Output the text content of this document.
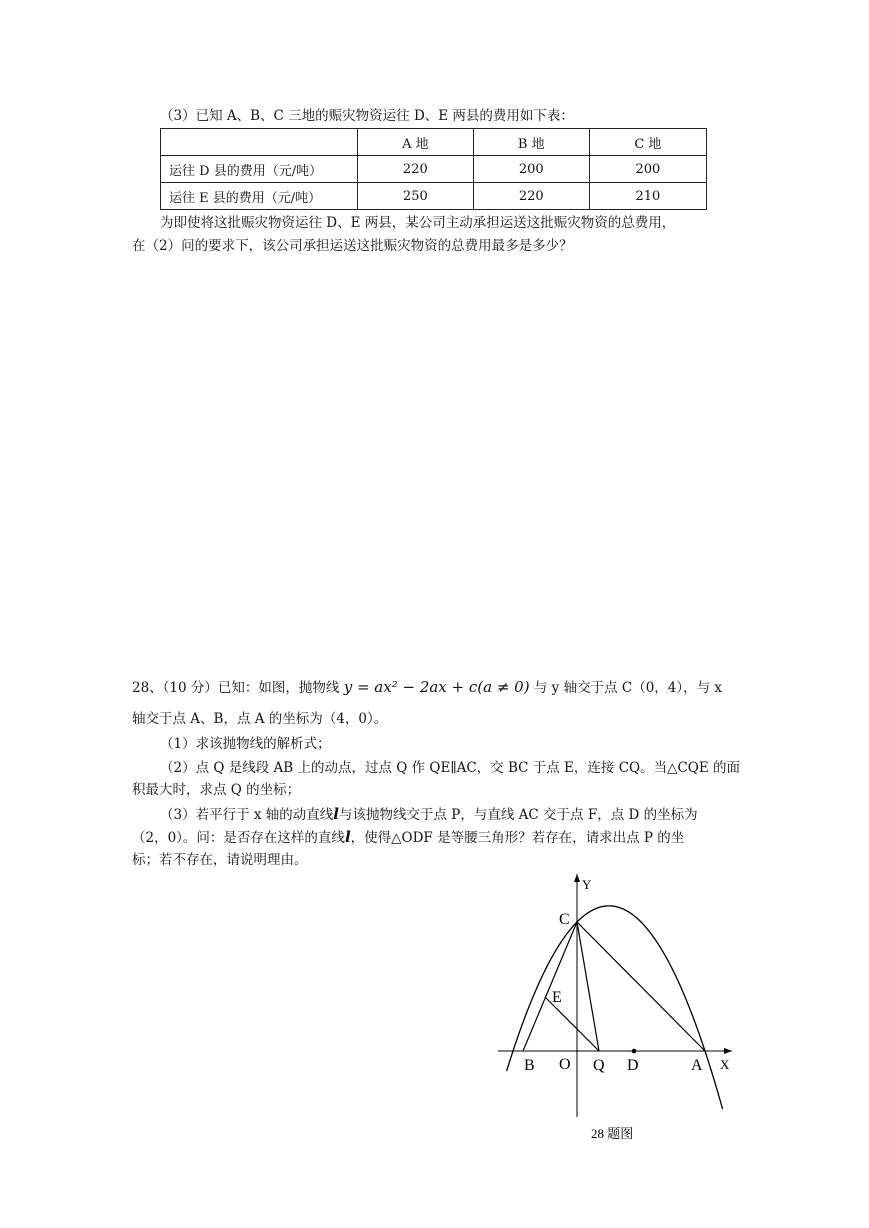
（3）已知 A、B、C 三地的赈灾物资运往 D、E 两县的费用如下表：
	A 地	B 地	C 地
运往 D 县的费用（元/吨）	220	200	200
运往 E 县的费用（元/吨）	250	220	210
为即使将这批赈灾物资运往 D、E 两县，某公司主动承担运送这批赈灾物资的总费用，
在（2）问的要求下，该公司承担运送这批赈灾物资的总费用最多是多少？
28、（10 分）已知：如图，抛物线 y = ax² − 2ax + c(a ≠ 0) 与 y 轴交于点 C（0，4），与 x
轴交于点 A、B，点 A 的坐标为（4，0）。
（1）求该抛物线的解析式；
（2）点 Q 是线段 AB 上的动点，过点 Q 作 QE∥AC，交 BC 于点 E，连接 CQ。当△CQE 的面
积最大时，求点 Q 的坐标；
（3）若平行于 x 轴的动直线l与该抛物线交于点 P，与直线 AC 交于点 F，点 D 的坐标为
（2，0）。问：是否存在这样的直线l，使得△ODF 是等腰三角形？若存在，请求出点 P 的坐
标；若不存在，请说明理由。
Y
X
C
E
B O Q D	A
28 题图
